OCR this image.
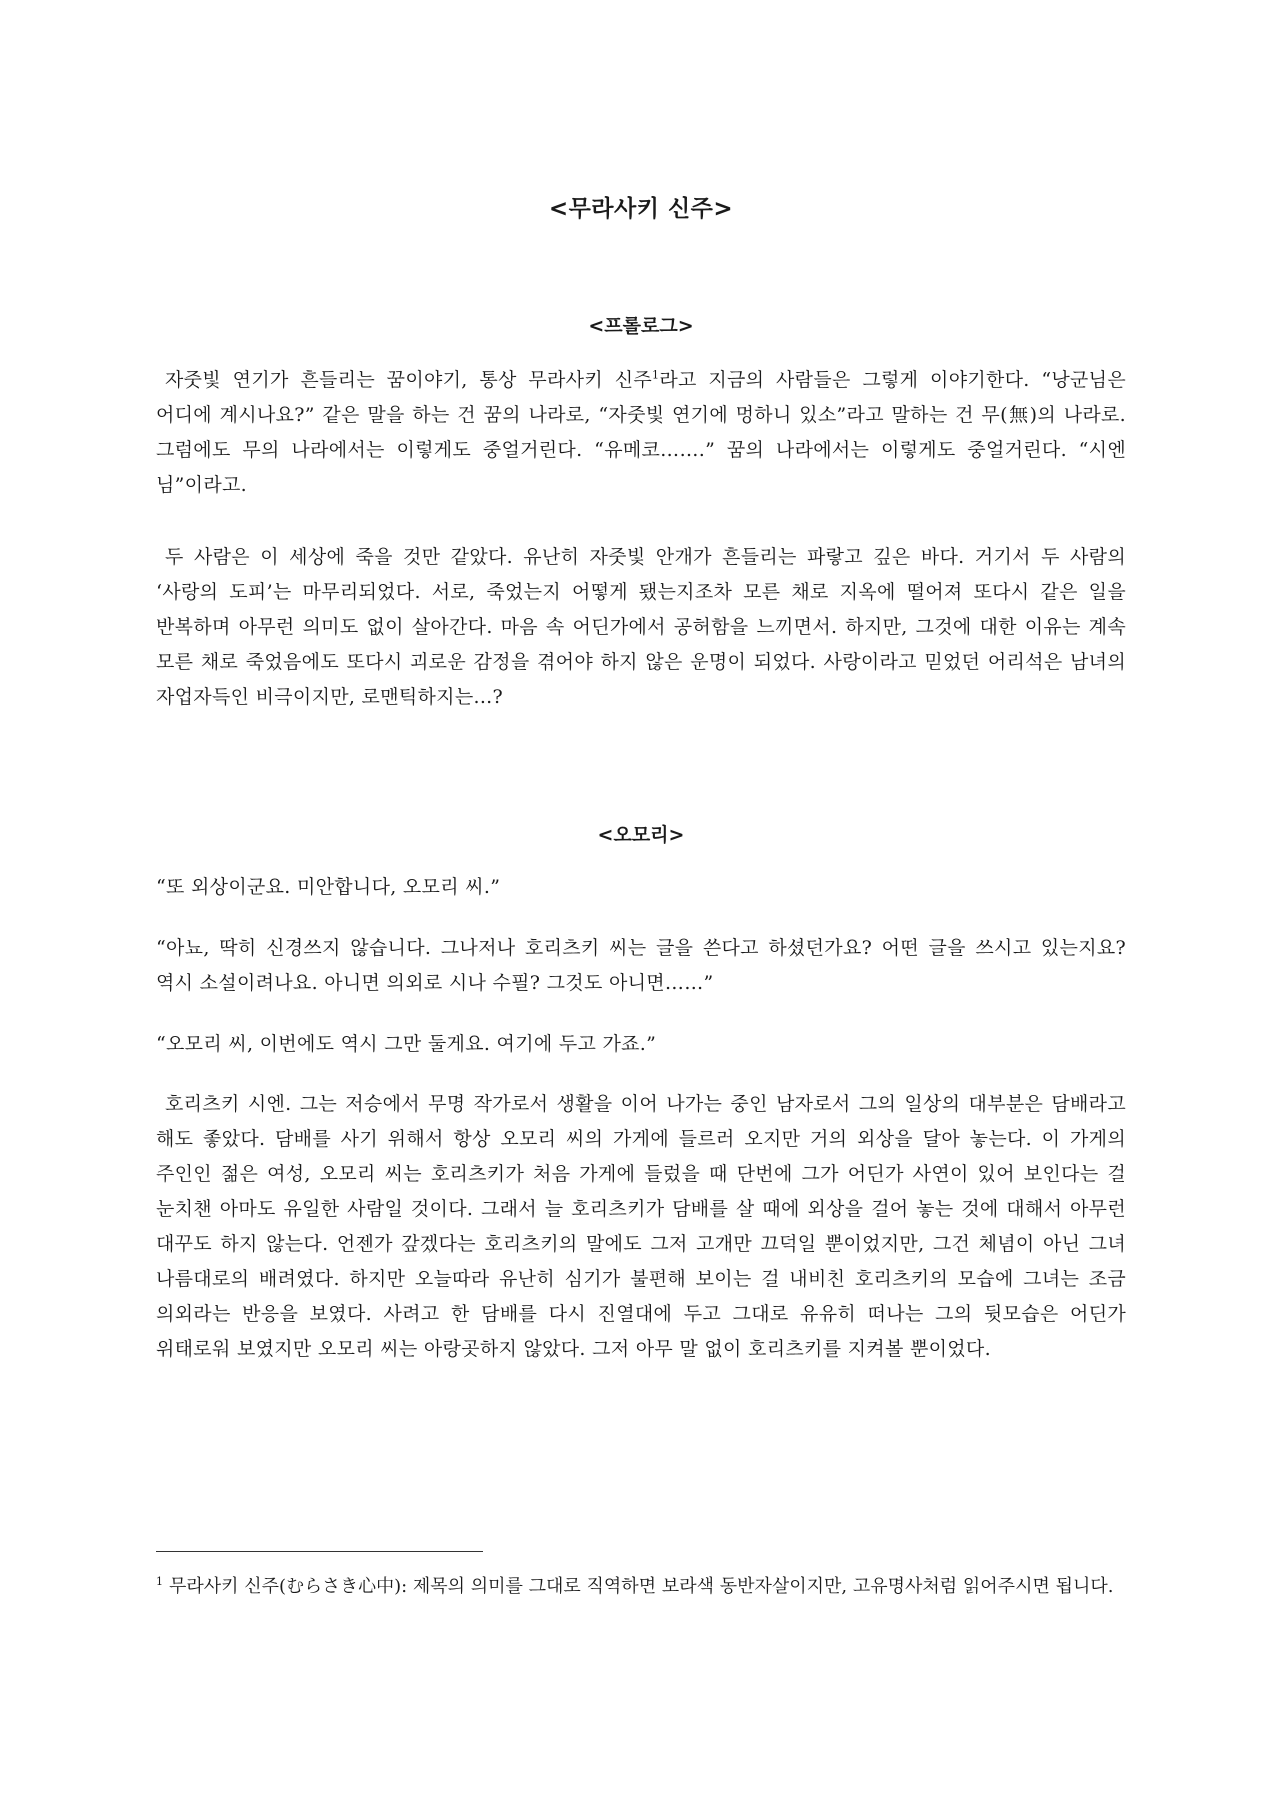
<무라사키 신주>
<프롤로그>

자줏빛 연기가 흔들리는 꿈이야기, 통상 무라사키 신주$^1$라고 지금의 사람들은 그렇게 이야기한다. “낭군님은 어디에 계시나요?” 같은 말을 하는 건 꿈의 나라로, “자줏빛 연기에 멍하니 있소”라고 말하는 건 무(無)의 나라로. 그럼에도 무의 나라에서는 이렇게도 중얼거린다. “유메코…….” 꿈의 나라에서는 이렇게도 중얼거린다. “시엔 님”이라고.

두 사람은 이 세상에 죽을 것만 같았다. 유난히 자줏빛 안개가 흔들리는 파랗고 깊은 바다. 거기서 두 사람의 ‘사랑의 도피’는 마무리되었다. 서로, 죽었는지 어떻게 됐는지조차 모른 채로 지옥에 떨어져 또다시 같은 일을 반복하며 아무런 의미도 없이 살아간다. 마음 속 어딘가에서 공허함을 느끼면서. 하지만, 그것에 대한 이유는 계속 모른 채로 죽었음에도 또다시 괴로운 감정을 겪어야 하지 않은 운명이 되었다. 사랑이라고 믿었던 어리석은 남녀의 자업자득인 비극이지만, 로맨틱하지는...?

<오모리>

“또 외상이군요. 미안합니다, 오모리 씨.”

“아뇨, 딱히 신경쓰지 않습니다. 그나저나 호리츠키 씨는 글을 쓴다고 하셨던가요? 어떤 글을 쓰시고 있는지요? 역시 소설이려나요. 아니면 의외로 시나 수필? 그것도 아니면……”

“오모리 씨, 이번에도 역시 그만 둘게요. 여기에 두고 가죠.”

호리츠키 시엔. 그는 저승에서 무명 작가로서 생활을 이어 나가는 중인 남자로서 그의 일상의 대부분은 담배라고 해도 좋았다. 담배를 사기 위해서 항상 오모리 씨의 가게에 들르러 오지만 거의 외상을 달아 놓는다. 이 가게의 주인인 젊은 여성, 오모리 씨는 호리츠키가 처음 가게에 들렀을 때 단번에 그가 어딘가 사연이 있어 보인다는 걸 눈치챈 아마도 유일한 사람일 것이다. 그래서 늘 호리츠키가 담배를 살 때에 외상을 걸어 놓는 것에 대해서 아무런 대꾸도 하지 않는다. 언젠가 갚겠다는 호리츠키의 말에도 그저 고개만 끄덕일 뿐이었지만, 그건 체념이 아닌 그녀 나름대로의 배려였다. 하지만 오늘따라 유난히 심기가 불편해 보이는 걸 내비친 호리츠키의 모습에 그녀는 조금 의외라는 반응을 보였다. 사려고 한 담배를 다시 진열대에 두고 그대로 유유히 떠나는 그의 뒷모습은 어딘가 위태로워 보였지만 오모리 씨는 아랑곳하지 않았다. 그저 아무 말 없이 호리츠키를 지켜볼 뿐이었다.

$^1$ 무라사키 신주(むらさき心中): 제목의 의미를 그대로 직역하면 보라색 동반자살이지만, 고유명사처럼 읽어주시면 됩니다.
